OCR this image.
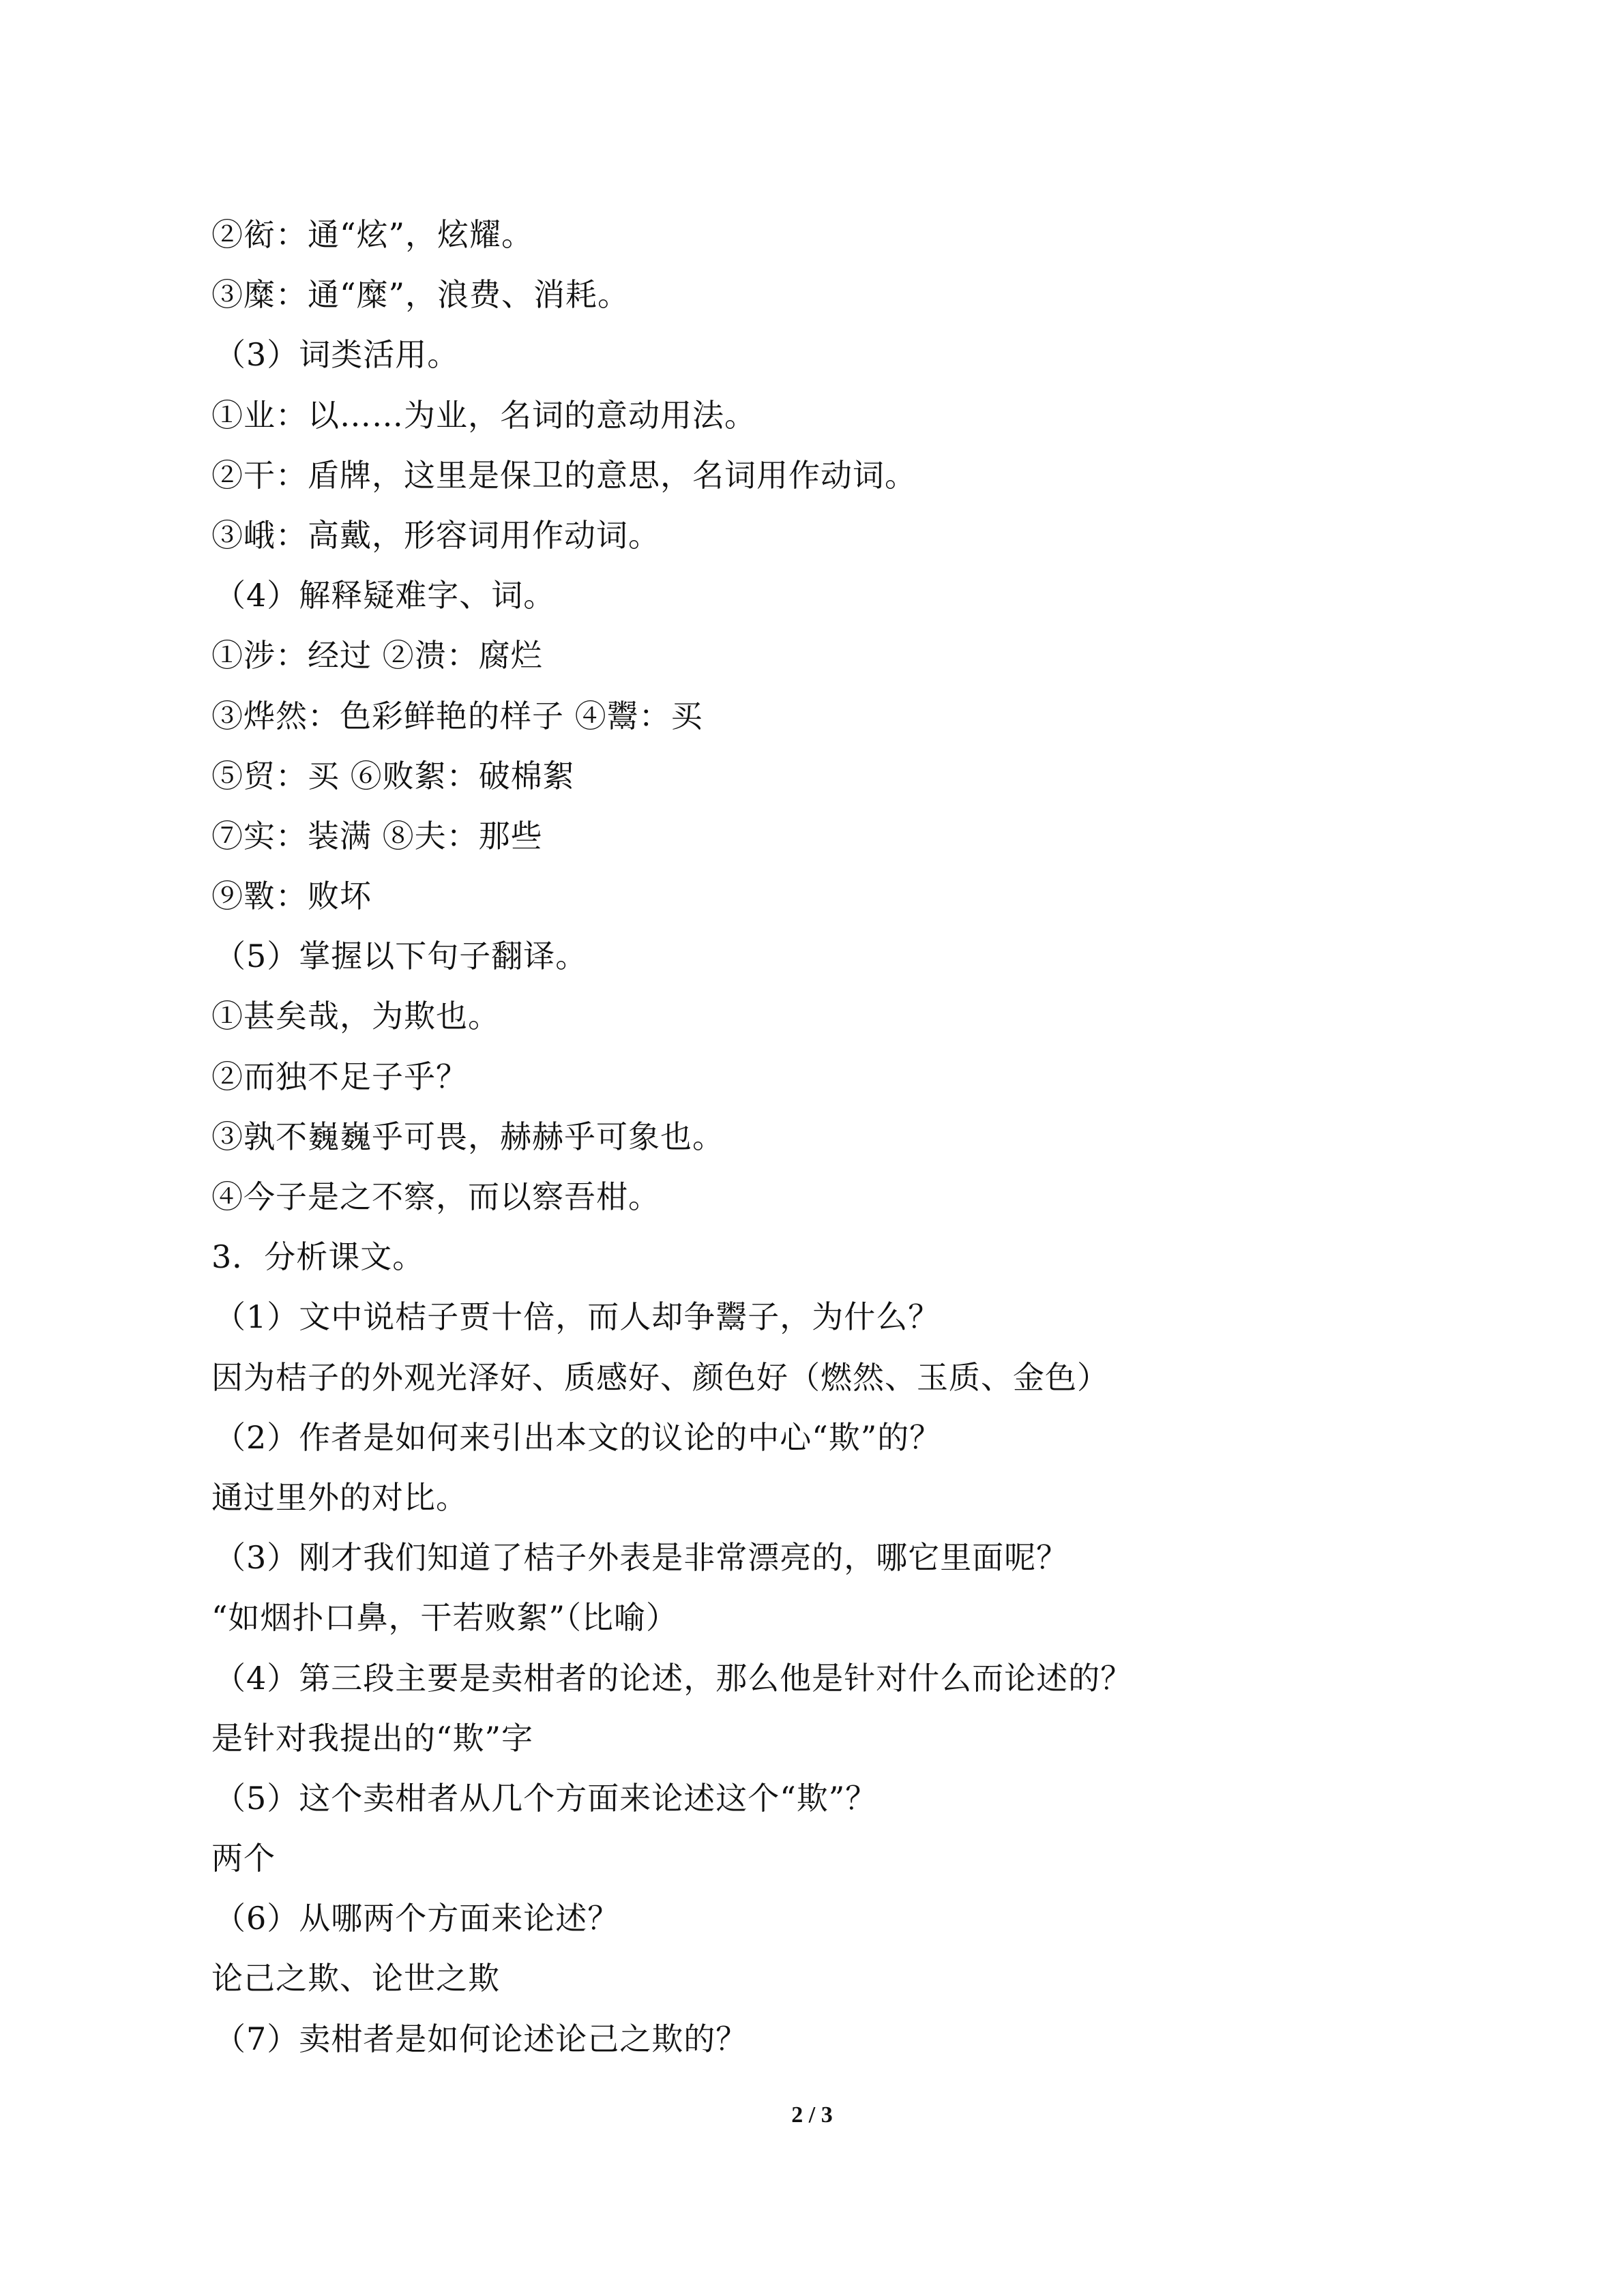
②衒：通“炫”，炫耀。
③糜：通“糜”，浪费、消耗。
（3）词类活用。
①业：以……为业，名词的意动用法。
②干：盾牌，这里是保卫的意思，名词用作动词。
③峨：高戴，形容词用作动词。
（4）解释疑难字、词。
①涉：经过 ②溃：腐烂
③烨然：色彩鲜艳的样子 ④鬻：买
⑤贸：买 ⑥败絮：破棉絮
⑦实：装满 ⑧夫：那些
⑨斁：败坏
（5）掌握以下句子翻译。
①甚矣哉，为欺也。
②而独不足子乎？
③孰不巍巍乎可畏，赫赫乎可象也。
④今子是之不察，而以察吾柑。
3．分析课文。
（1）文中说桔子贾十倍，而人却争鬻子，为什么？
因为桔子的外观光泽好、质感好、颜色好（燃然、玉质、金色）
（2）作者是如何来引出本文的议论的中心“欺”的？
通过里外的对比。
（3）刚才我们知道了桔子外表是非常漂亮的，哪它里面呢？
“如烟扑口鼻，干若败絮”（比喻）
（4）第三段主要是卖柑者的论述，那么他是针对什么而论述的？
是针对我提出的“欺”字
（5）这个卖柑者从几个方面来论述这个“欺”？
两个
（6）从哪两个方面来论述？
论己之欺、论世之欺
（7）卖柑者是如何论述论己之欺的？
2 / 3
